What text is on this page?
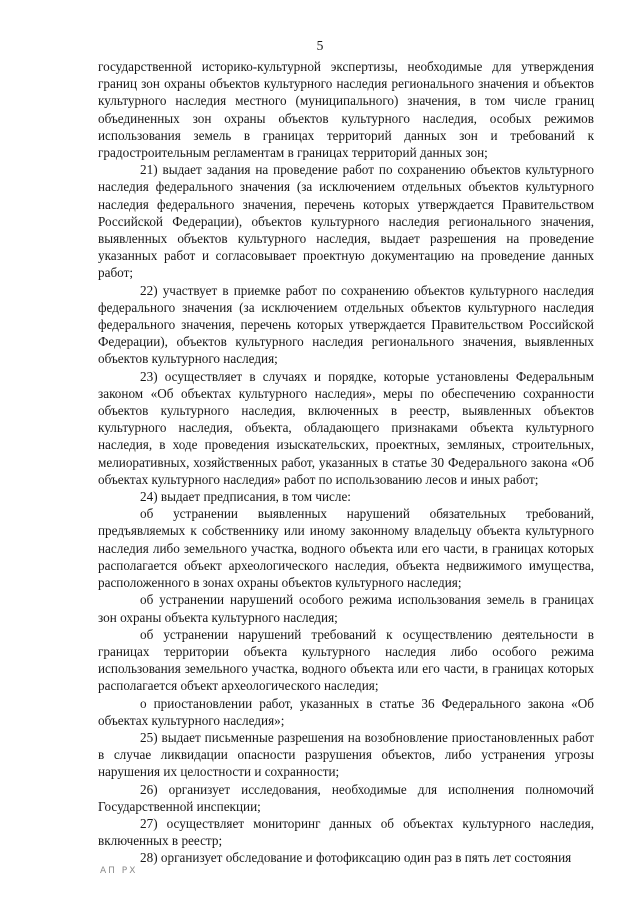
5

государственной историко-культурной экспертизы, необходимые для утверждения границ зон охраны объектов культурного наследия регионального значения и объектов культурного наследия местного (муниципального) значения, в том числе границ объединенных зон охраны объектов культурного наследия, особых режимов использования земель в границах территорий данных зон и требований к градостроительным регламентам в границах территорий данных зон;

21) выдает задания на проведение работ по сохранению объектов культурного наследия федерального значения (за исключением отдельных объектов культурного наследия федерального значения, перечень которых утверждается Правительством Российской Федерации), объектов культурного наследия регионального значения, выявленных объектов культурного наследия, выдает разрешения на проведение указанных работ и согласовывает проектную документацию на проведение данных работ;

22) участвует в приемке работ по сохранению объектов культурного наследия федерального значения (за исключением отдельных объектов культурного наследия федерального значения, перечень которых утверждается Правительством Российской Федерации), объектов культурного наследия регионального значения, выявленных объектов культурного наследия;

23) осуществляет в случаях и порядке, которые установлены Федеральным законом «Об объектах культурного наследия», меры по обеспечению сохранности объектов культурного наследия, включенных в реестр, выявленных объектов культурного наследия, объекта, обладающего признаками объекта культурного наследия, в ходе проведения изыскательских, проектных, земляных, строительных, мелиоративных, хозяйственных работ, указанных в статье 30 Федерального закона «Об объектах культурного наследия» работ по использованию лесов и иных работ;

24) выдает предписания, в том числе:

об устранении выявленных нарушений обязательных требований, предъявляемых к собственнику или иному законному владельцу объекта культурного наследия либо земельного участка, водного объекта или его части, в границах которых располагается объект археологического наследия, объекта недвижимого имущества, расположенного в зонах охраны объектов культурного наследия;

об устранении нарушений особого режима использования земель в границах зон охраны объекта культурного наследия;

об устранении нарушений требований к осуществлению деятельности в границах территории объекта культурного наследия либо особого режима использования земельного участка, водного объекта или его части, в границах которых располагается объект археологического наследия;

о приостановлении работ, указанных в статье 36 Федерального закона «Об объектах культурного наследия»;

25) выдает письменные разрешения на возобновление приостановленных работ в случае ликвидации опасности разрушения объектов, либо устранения угрозы нарушения их целостности и сохранности;

26) организует исследования, необходимые для исполнения полномочий Государственной инспекции;

27) осуществляет мониторинг данных об объектах культурного наследия, включенных в реестр;

28) организует обследование и фотофиксацию один раз в пять лет состояния

АП РХ
